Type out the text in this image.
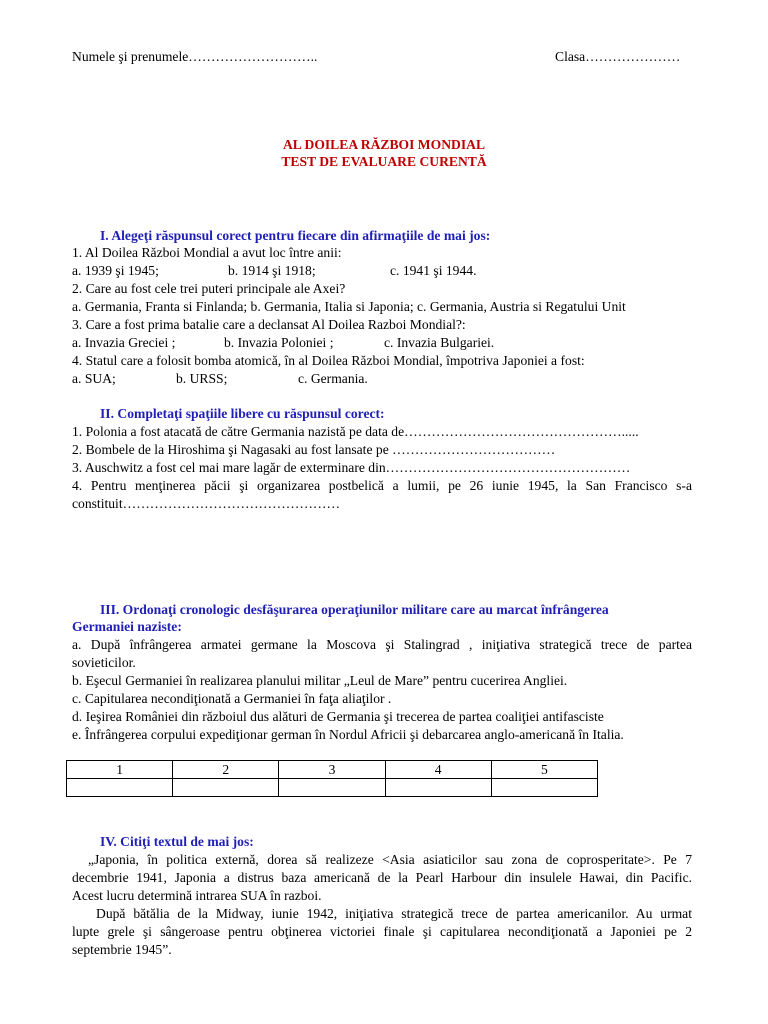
Numele şi prenumele………………………..	Clasa…………………
AL DOILEA RĂZBOI MONDIAL
TEST DE EVALUARE CURENTĂ
I. Alegeţi răspunsul corect pentru fiecare din afirmaţiile de mai jos:
1. Al Doilea Război Mondial a avut loc între anii:
a. 1939 şi 1945;	b. 1914 şi 1918;	c. 1941 şi 1944.
2. Care au fost cele trei puteri principale ale Axei?
a. Germania, Franta si Finlanda; b. Germania, Italia si Japonia; c. Germania, Austria si Regatului Unit
3. Care a fost prima batalie care a declansat Al Doilea Razboi Mondial?:
a. Invazia Greciei ;	b. Invazia Poloniei ;	c. Invazia Bulgariei.
4. Statul care a folosit bomba atomică, în al Doilea Război Mondial, împotriva Japoniei a fost:
a. SUA;	b. URSS;	c. Germania.
II. Completaţi spaţiile libere cu răspunsul corect:
1. Polonia a fost atacată de către Germania nazistă pe data de………………………………………….....
2. Bombele de la Hiroshima şi Nagasaki au fost lansate pe ………………………………
3. Auschwitz a fost cel mai mare lagăr de exterminare din………………………………………………
4. Pentru menţinerea păcii şi organizarea postbelică a lumii, pe 26 iunie 1945, la San Francisco s-a
constituit…………………………………………
III. Ordonaţi cronologic desfăşurarea operaţiunilor militare care au marcat înfrângerea
Germaniei naziste:
a. După înfrângerea armatei germane la Moscova şi Stalingrad , iniţiativa strategică trece de partea
sovieticilor.
b. Eşecul Germaniei în realizarea planului militar „Leul de Mare” pentru cucerirea Angliei.
c. Capitularea necondiţionată a Germaniei în faţa aliaţilor .
d. Ieşirea României din războiul dus alături de Germania şi trecerea de partea coaliţiei antifasciste
e. Înfrângerea corpului expediţionar german în Nordul Africii şi debarcarea anglo-americană în Italia.
1	2	3	4	5

IV. Citiţi textul de mai jos:
„Japonia, în politica externă, dorea să realizeze <Asia asiaticilor sau zona de coprosperitate>. Pe 7
decembrie 1941, Japonia a distrus baza americană de la Pearl Harbour din insulele Hawai, din Pacific.
Acest lucru determină intrarea SUA în razboi.
După bătălia de la Midway, iunie 1942, iniţiativa strategică trece de partea americanilor. Au urmat
lupte grele şi sângeroase pentru obţinerea victoriei finale şi capitularea necondiţionată a Japoniei pe 2
septembrie 1945”.
